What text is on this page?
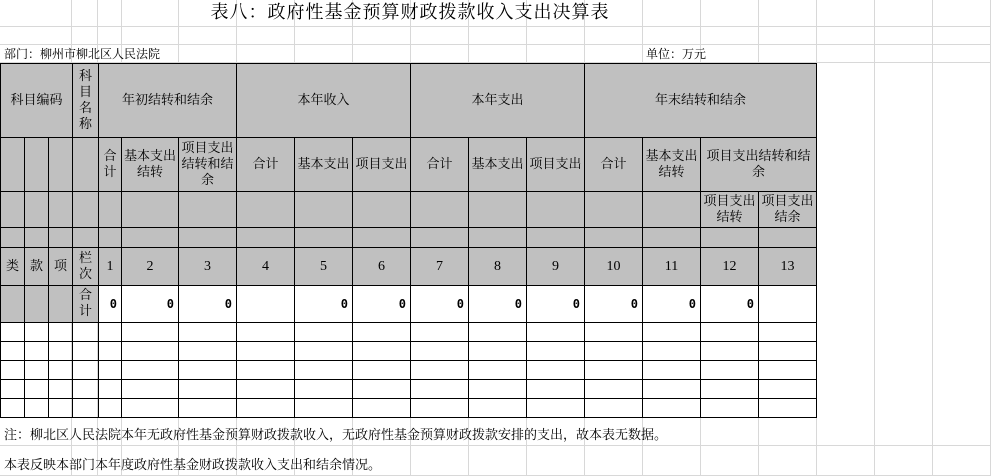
表八：政府性基金预算财政拨款收入支出决算表
部门：柳州市柳北区人民法院	单位：万元
科目编码			科目名称	年初结转和结余			本年收入			本年支出			年末结转和结余			
				合计	基本支出结转	项目支出结转和结余	合计	基本支出	项目支出	合计	基本支出	项目支出	合计	基本支出结转	项目支出结转和结余	
															项目支出结转	项目支出结余

类	款	项	栏次	1	2	3	4	5	6	7	8	9	10	11	12	13
			合计	0	0	0		0	0	0	0	0	0	0	0	

注：柳北区人民法院本年无政府性基金预算财政拨款收入，无政府性基金预算财政拨款安排的支出，故本表无数据。
本表反映本部门本年度政府性基金财政拨款收入支出和结余情况。
